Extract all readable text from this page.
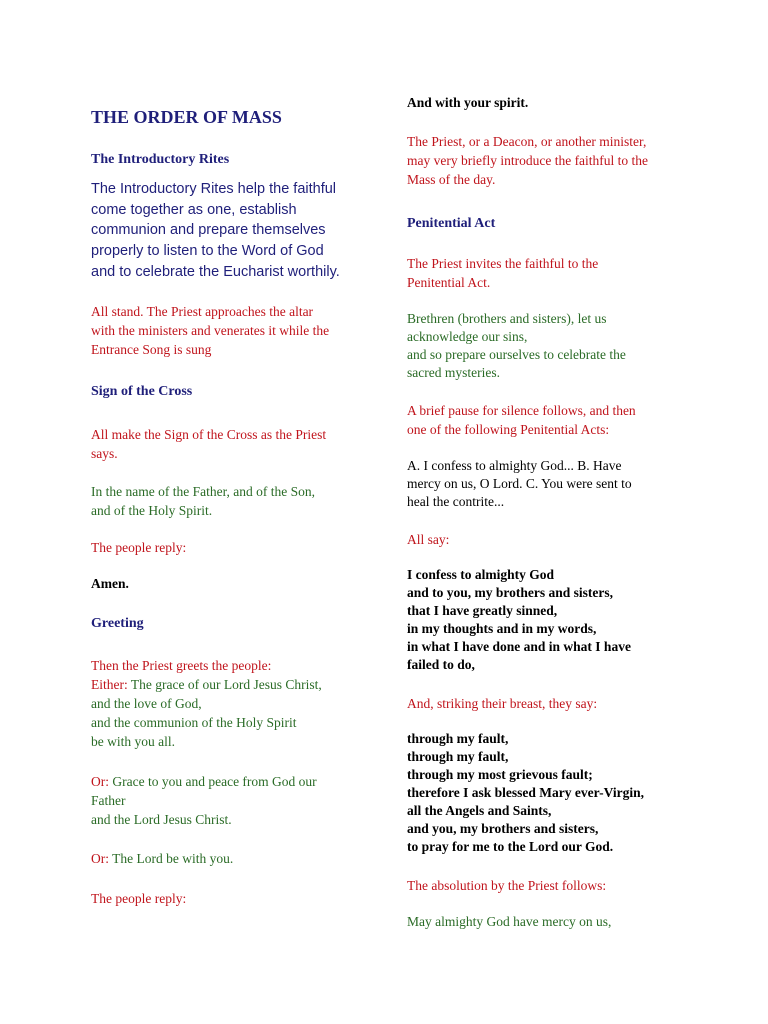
THE ORDER OF MASS
The Introductory Rites
The Introductory Rites help the faithful
come together as one, establish
communion and prepare themselves
properly to listen to the Word of God
and to celebrate the Eucharist worthily.
All stand. The Priest approaches the altar
with the ministers and venerates it while the
Entrance Song is sung
Sign of the Cross
All make the Sign of the Cross as the Priest
says.
In the name of the Father, and of the Son,
and of the Holy Spirit.
The people reply:
Amen.
Greeting
Then the Priest greets the people:
Either: The grace of our Lord Jesus Christ,
and the love of God,
and the communion of the Holy Spirit
be with you all.
Or: Grace to you and peace from God our
Father
and the Lord Jesus Christ.
Or: The Lord be with you.
The people reply:
And with your spirit.
The Priest, or a Deacon, or another minister,
may very briefly introduce the faithful to the
Mass of the day.
Penitential Act
The Priest invites the faithful to the
Penitential Act.
Brethren (brothers and sisters), let us
acknowledge our sins,
and so prepare ourselves to celebrate the
sacred mysteries.
A brief pause for silence follows, and then
one of the following Penitential Acts:
A. I confess to almighty God... B. Have
mercy on us, O Lord. C. You were sent to
heal the contrite...
All say:
I confess to almighty God
and to you, my brothers and sisters,
that I have greatly sinned,
in my thoughts and in my words,
in what I have done and in what I have
failed to do,
And, striking their breast, they say:
through my fault,
through my fault,
through my most grievous fault;
therefore I ask blessed Mary ever-Virgin,
all the Angels and Saints,
and you, my brothers and sisters,
to pray for me to the Lord our God.
The absolution by the Priest follows:
May almighty God have mercy on us,
